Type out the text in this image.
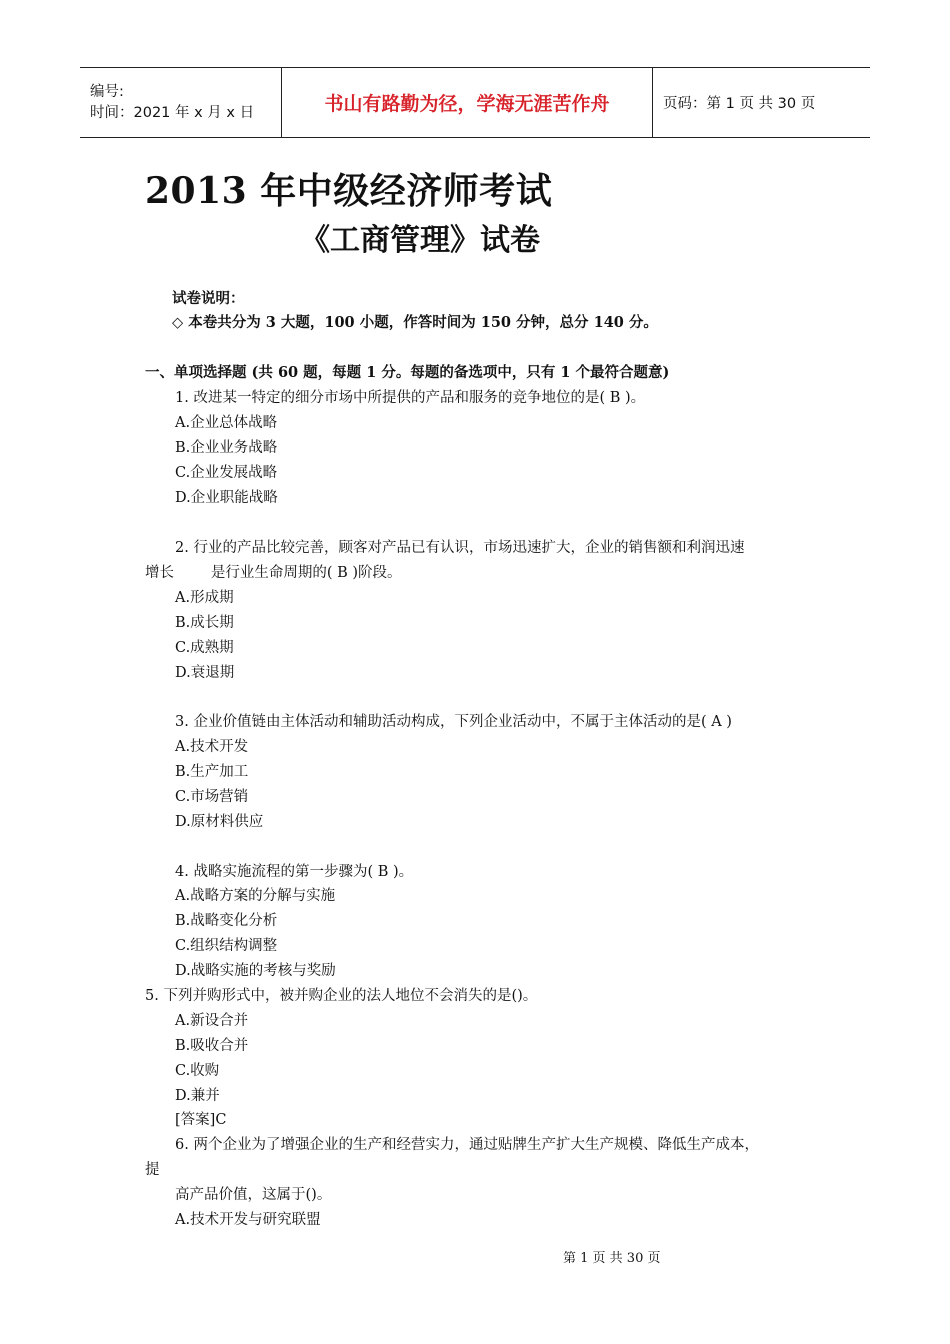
编号:
时间：2021 年 x 月 x 日	书山有路勤为径，学海无涯苦作舟	页码：第 1 页 共 30 页
2013 年中级经济师考试
《工商管理》试卷
试卷说明：
◇ 本卷共分为 3 大题，100 小题，作答时间为 150 分钟，总分 140 分。
一、单项选择题 (共 60 题，每题 1 分。每题的备选项中，只有 1 个最符合题意)
1. 改进某一特定的细分市场中所提供的产品和服务的竞争地位的是( B )。
A.企业总体战略
B.企业业务战略
C.企业发展战略
D.企业职能战略
2. 行业的产品比较完善，顾客对产品已有认识，市场迅速扩大，企业的销售额和利润迅速
增长        是行业生命周期的( B )阶段。
A.形成期
B.成长期
C.成熟期
D.衰退期
3. 企业价值链由主体活动和辅助活动构成，下列企业活动中，不属于主体活动的是( A )
A.技术开发
B.生产加工
C.市场营销
D.原材料供应
4. 战略实施流程的第一步骤为( B )。
A.战略方案的分解与实施
B.战略变化分析
C.组织结构调整
D.战略实施的考核与奖励
5. 下列并购形式中，被并购企业的法人地位不会消失的是()。
A.新设合并
B.吸收合并
C.收购
D.兼并
[答案]C
6. 两个企业为了增强企业的生产和经营实力，通过贴牌生产扩大生产规模、降低生产成本，
提
高产品价值，这属于()。
A.技术开发与研究联盟
第 1 页 共 30 页
